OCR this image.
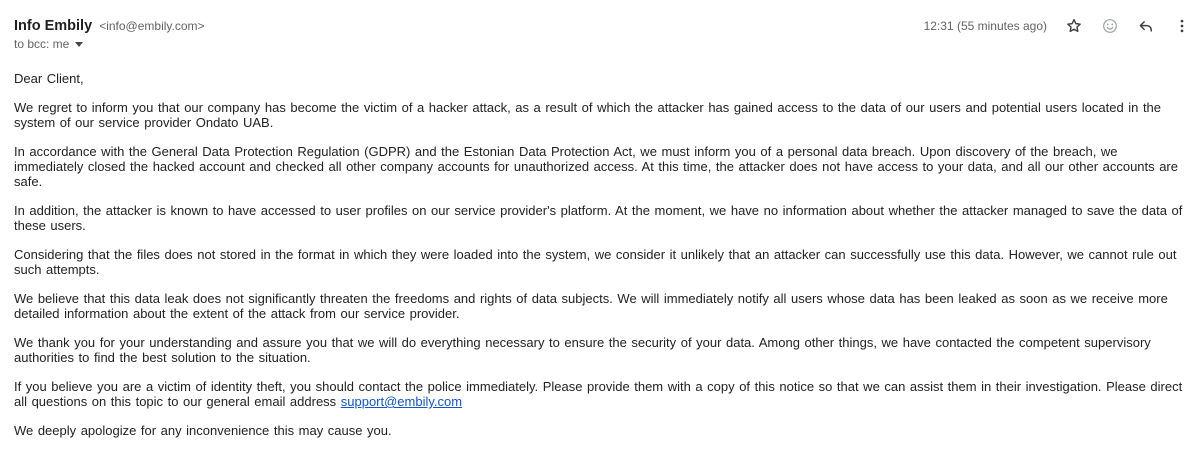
Info Embily <info@embily.com>
to bcc: me
12:31 (55 minutes ago)

Dear Client,

We regret to inform you that our company has become the victim of a hacker attack, as a result of which the attacker has gained access to the data of our users and potential users located in the system of our service provider Ondato UAB.

In accordance with the General Data Protection Regulation (GDPR) and the Estonian Data Protection Act, we must inform you of a personal data breach. Upon discovery of the breach, we immediately closed the hacked account and checked all other company accounts for unauthorized access. At this time, the attacker does not have access to your data, and all our other accounts are safe.

In addition, the attacker is known to have accessed to user profiles on our service provider's platform. At the moment, we have no information about whether the attacker managed to save the data of these users.

Considering that the files does not stored in the format in which they were loaded into the system, we consider it unlikely that an attacker can successfully use this data. However, we cannot rule out such attempts.

We believe that this data leak does not significantly threaten the freedoms and rights of data subjects. We will immediately notify all users whose data has been leaked as soon as we receive more detailed information about the extent of the attack from our service provider.

We thank you for your understanding and assure you that we will do everything necessary to ensure the security of your data. Among other things, we have contacted the competent supervisory authorities to find the best solution to the situation.

If you believe you are a victim of identity theft, you should contact the police immediately. Please provide them with a copy of this notice so that we can assist them in their investigation. Please direct all questions on this topic to our general email address support@embily.com

We deeply apologize for any inconvenience this may cause you.
